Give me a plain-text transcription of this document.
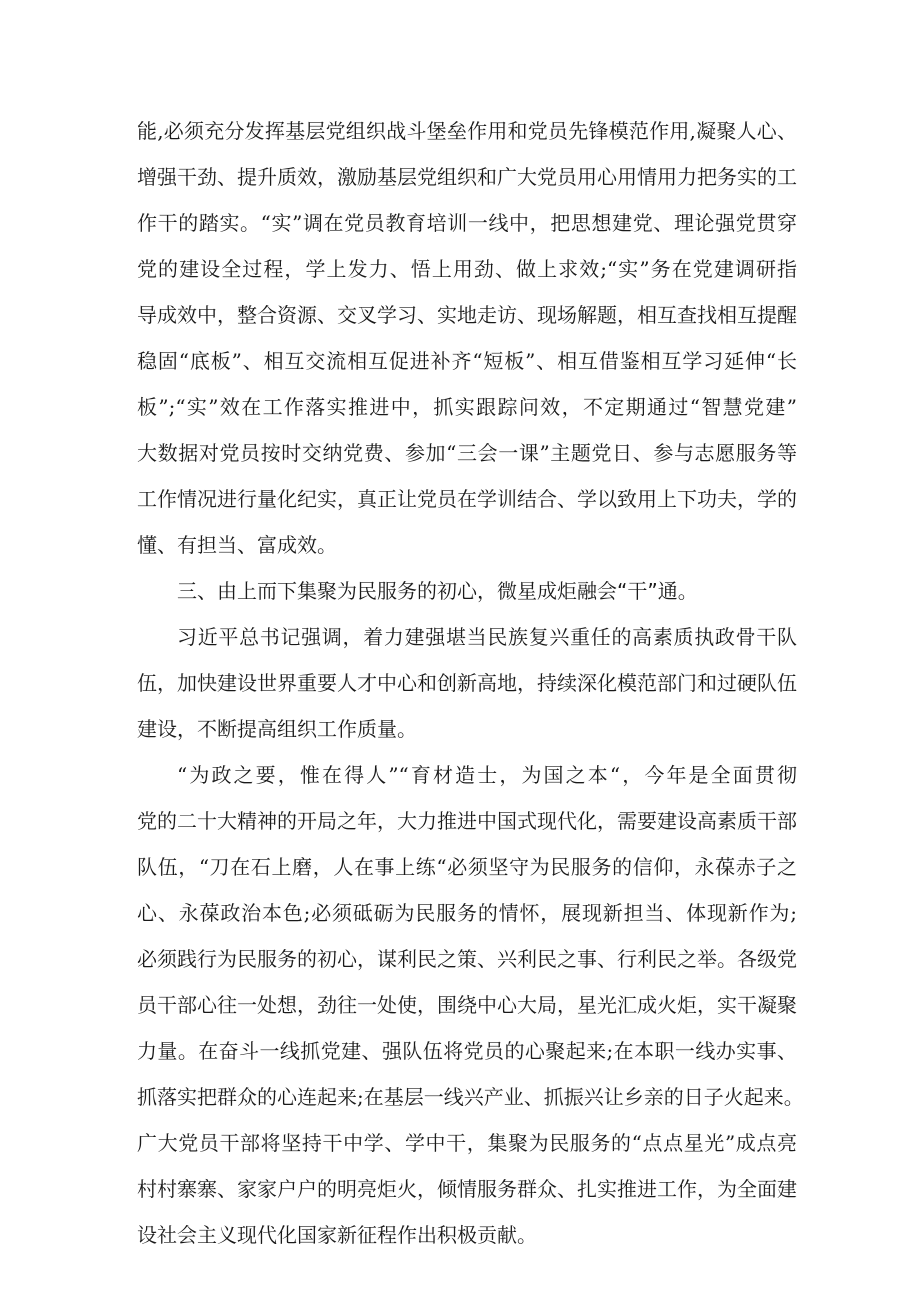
能,必须充分发挥基层党组织战斗堡垒作用和党员先锋模范作用,凝聚人心、
增强干劲、提升质效，激励基层党组织和广大党员用心用情用力把务实的工
作干的踏实。“实”调在党员教育培训一线中，把思想建党、理论强党贯穿
党的建设全过程，学上发力、悟上用劲、做上求效;“实”务在党建调研指
导成效中，整合资源、交叉学习、实地走访、现场解题，相互查找相互提醒
稳固“底板”、相互交流相互促进补齐“短板”、相互借鉴相互学习延伸“长
板”;“实”效在工作落实推进中，抓实跟踪问效，不定期通过“智慧党建”
大数据对党员按时交纳党费、参加“三会一课”主题党日、参与志愿服务等
工作情况进行量化纪实，真正让党员在学训结合、学以致用上下功夫，学的
懂、有担当、富成效。
三、由上而下集聚为民服务的初心，微星成炬融会“干”通。
习近平总书记强调，着力建强堪当民族复兴重任的高素质执政骨干队
伍，加快建设世界重要人才中心和创新高地，持续深化模范部门和过硬队伍
建设，不断提高组织工作质量。
“为政之要，惟在得人”“育材造士，为国之本“，今年是全面贯彻
党的二十大精神的开局之年，大力推进中国式现代化，需要建设高素质干部
队伍，“刀在石上磨，人在事上练“必须坚守为民服务的信仰，永葆赤子之
心、永葆政治本色;必须砥砺为民服务的情怀，展现新担当、体现新作为;
必须践行为民服务的初心，谋利民之策、兴利民之事、行利民之举。各级党
员干部心往一处想，劲往一处使，围绕中心大局，星光汇成火炬，实干凝聚
力量。在奋斗一线抓党建、强队伍将党员的心聚起来;在本职一线办实事、
抓落实把群众的心连起来;在基层一线兴产业、抓振兴让乡亲的日子火起来。
广大党员干部将坚持干中学、学中干，集聚为民服务的“点点星光”成点亮
村村寨寨、家家户户的明亮炬火，倾情服务群众、扎实推进工作，为全面建
设社会主义现代化国家新征程作出积极贡献。
